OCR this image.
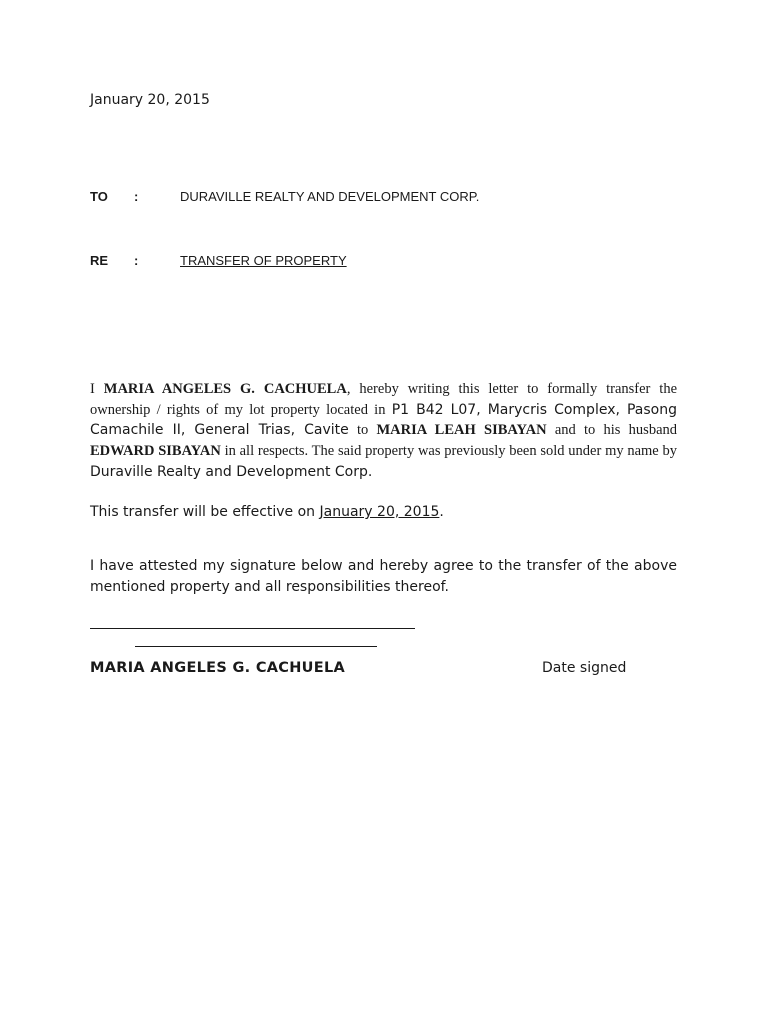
January 20, 2015
TO :	DURAVILLE REALTY AND DEVELOPMENT CORP.
RE :	TRANSFER OF PROPERTY
I MARIA ANGELES G. CACHUELA, hereby writing this letter to formally transfer the ownership / rights of my lot property located in P1 B42 L07, Marycris Complex, Pasong Camachile II, General Trias, Cavite to MARIA LEAH SIBAYAN and to his husband EDWARD SIBAYAN in all respects. The said property was previously been sold under my name by Duraville Realty and Development Corp.
This transfer will be effective on January 20, 2015.
I have attested my signature below and hereby agree to the transfer of the above mentioned property and all responsibilities thereof.
MARIA ANGELES G. CACHUELA	Date signed
